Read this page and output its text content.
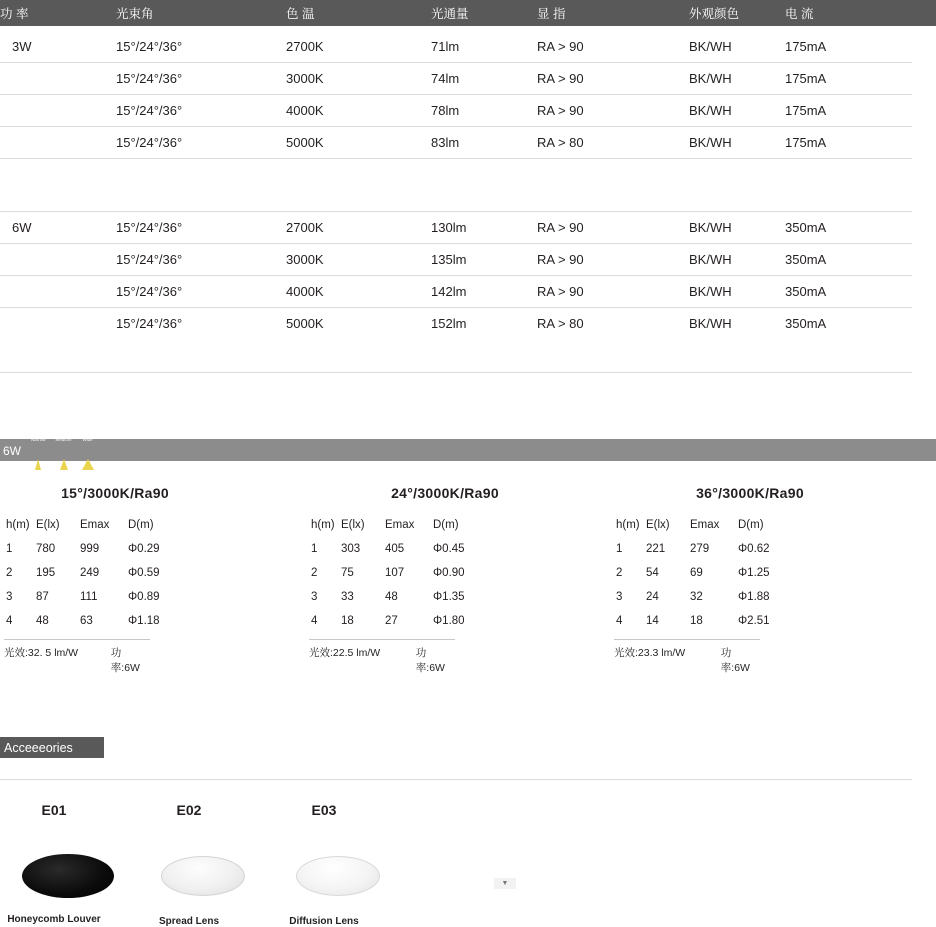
功 率	光束角	色 温	光通量	显 指	外观颜色	电 流
3W	15°/24°/36°	2700K	71lm	RA > 90	BK/WH	175mA
15°/24°/36°	3000K	74lm	RA > 90	BK/WH	175mA
15°/24°/36°	4000K	78lm	RA > 90	BK/WH	175mA
15°/24°/36°	5000K	83lm	RA > 80	BK/WH	175mA
6W	15°/24°/36°	2700K	130lm	RA > 90	BK/WH	350mA
15°/24°/36°	3000K	135lm	RA > 90	BK/WH	350mA
15°/24°/36°	4000K	142lm	RA > 90	BK/WH	350mA
15°/24°/36°	5000K	152lm	RA > 80	BK/WH	350mA
6W
Narrow Medium Wide
15°/3000K/Ra90
h(m)	E(lx)	Emax	D(m)
1	780	999	Φ0.29
2	195	249	Φ0.59
3	87	111	Φ0.89
4	48	63	Φ1.18
光效:32. 5 lm/W	功率:6W
24°/3000K/Ra90
h(m)	E(lx)	Emax	D(m)
1	303	405	Φ0.45
2	75	107	Φ0.90
3	33	48	Φ1.35
4	18	27	Φ1.80
光效:22.5 lm/W	功率:6W
36°/3000K/Ra90
h(m)	E(lx)	Emax	D(m)
1	221	279	Φ0.62
2	54	69	Φ1.25
3	24	32	Φ1.88
4	14	18	Φ2.51
光效:23.3 lm/W	功率:6W
Acceeeories
E01
Honeycomb Louver
E02
Spread Lens
E03
Diffusion Lens
▼
